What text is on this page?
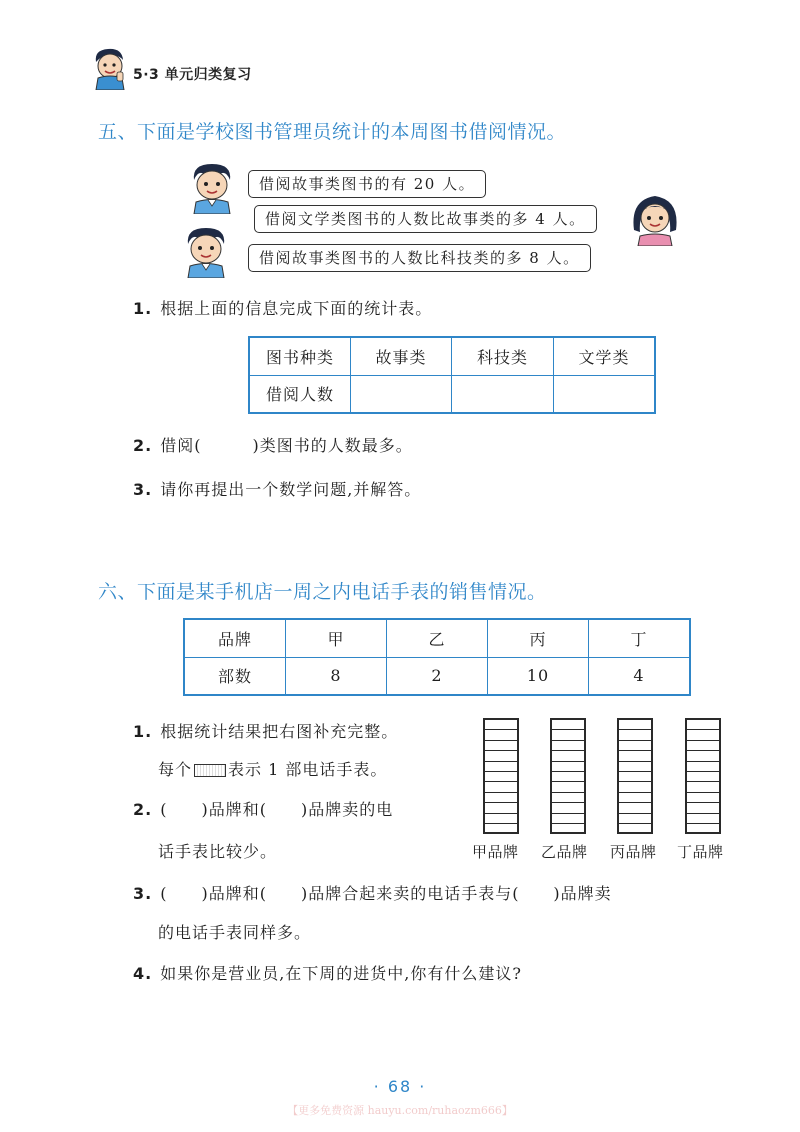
5·3 单元归类复习
五、下面是学校图书管理员统计的本周图书借阅情况。
借阅故事类图书的有 20 人。
借阅文学类图书的人数比故事类的多 4 人。
借阅故事类图书的人数比科技类的多 8 人。
1. 根据上面的信息完成下面的统计表。
图书种类	故事类	科技类	文学类
借阅人数			
2. 借阅(　　　)类图书的人数最多。
3. 请你再提出一个数学问题,并解答。
六、下面是某手机店一周之内电话手表的销售情况。
品牌	甲	乙	丙	丁
部数	8	2	10	4
1. 根据统计结果把右图补充完整。
每个 表示 1 部电话手表。
2. (　　)品牌和(　　)品牌卖的电
话手表比较少。
3. (　　)品牌和(　　)品牌合起来卖的电话手表与(　　)品牌卖
的电话手表同样多。
4. 如果你是营业员,在下周的进货中,你有什么建议?
甲品牌 乙品牌 丙品牌 丁品牌
· 68 ·
【更多免费资源 hauyu.com/ruhaozm666】
